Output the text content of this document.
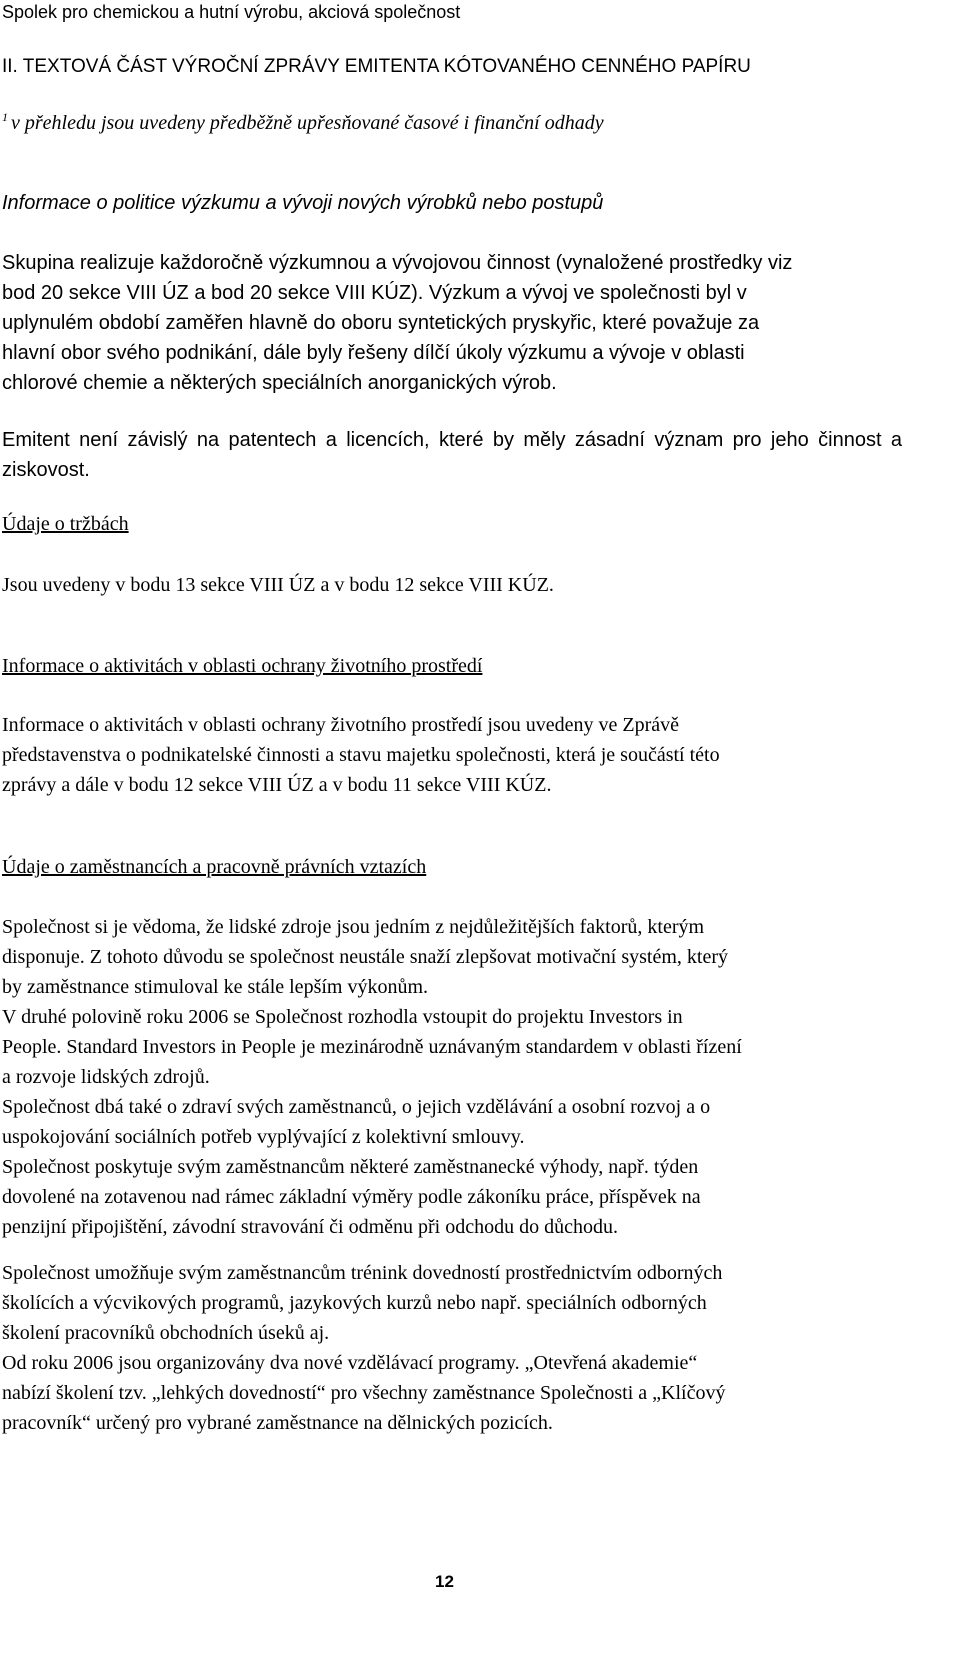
Spolek pro chemickou a hutní výrobu, akciová společnost
II. TEXTOVÁ ČÁST VÝROČNÍ ZPRÁVY EMITENTA KÓTOVANÉHO CENNÉHO PAPÍRU
$^1$ v přehledu jsou uvedeny předběžně upřesňované časové i finanční odhady
Informace o politice výzkumu a vývoji nových výrobků nebo postupů
Skupina realizuje každoročně výzkumnou a vývojovou činnost (vynaložené prostředky viz
bod 20 sekce VIII ÚZ a bod 20 sekce VIII KÚZ). Výzkum a vývoj ve společnosti byl v
uplynulém období zaměřen hlavně do oboru syntetických pryskyřic, které považuje za
hlavní obor svého podnikání, dále byly řešeny dílčí úkoly výzkumu a vývoje v oblasti
chlorové chemie a některých speciálních anorganických výrob.

Emitent není závislý na patentech a licencích, které by měly zásadní význam pro jeho činnost a ziskovost.

Údaje o tržbách
Jsou uvedeny v bodu 13 sekce VIII ÚZ a v bodu 12 sekce VIII KÚZ.
Informace o aktivitách v oblasti ochrany životního prostředí
Informace o aktivitách v oblasti ochrany životního prostředí jsou uvedeny ve Zprávě
představenstva o podnikatelské činnosti a stavu majetku společnosti, která je součástí této
zprávy a dále v bodu 12 sekce VIII ÚZ a v bodu 11 sekce VIII KÚZ.
Údaje o zaměstnancích a pracovně právních vztazích
Společnost si je vědoma, že lidské zdroje jsou jedním z nejdůležitějších faktorů, kterým
disponuje. Z tohoto důvodu se společnost neustále snaží zlepšovat motivační systém, který
by zaměstnance stimuloval ke stále lepším výkonům.
V druhé polovině roku 2006 se Společnost rozhodla vstoupit do projektu Investors in
People. Standard Investors in People je mezinárodně uznávaným standardem v oblasti řízení
a rozvoje lidských zdrojů.
Společnost dbá také o zdraví svých zaměstnanců, o jejich vzdělávání a osobní rozvoj a o
uspokojování sociálních potřeb vyplývající z kolektivní smlouvy.
Společnost poskytuje svým zaměstnancům některé zaměstnanecké výhody, např. týden
dovolené na zotavenou nad rámec základní výměry podle zákoníku práce, příspěvek na
penzijní připojištění, závodní stravování či odměnu při odchodu do důchodu.
Společnost umožňuje svým zaměstnancům trénink dovedností prostřednictvím odborných
školících a výcvikových programů, jazykových kurzů nebo např. speciálních odborných
školení pracovníků obchodních úseků aj.
Od roku 2006 jsou organizovány dva nové vzdělávací programy. „Otevřená akademie“
nabízí školení tzv. „lehkých dovedností“ pro všechny zaměstnance Společnosti a „Klíčový
pracovník“ určený pro vybrané zaměstnance na dělnických pozicích.
12
